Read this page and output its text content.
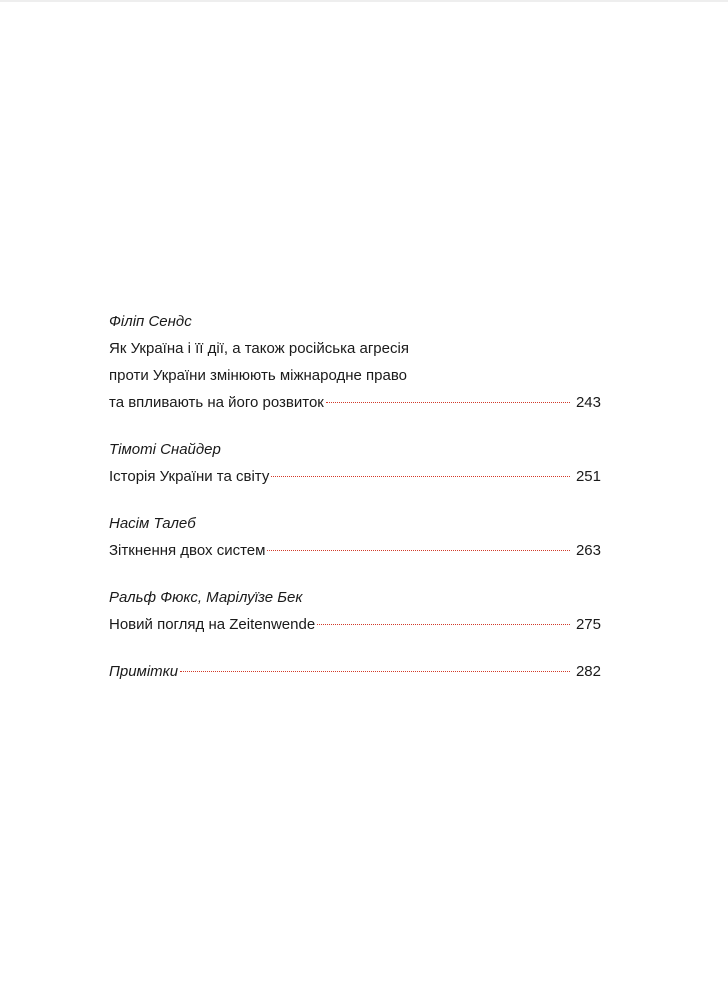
Філіп Сендс
Як Україна і її дії, а також російська агресія
проти України змінюють міжнародне право
та впливають на його розвиток	243
Тімоті Снайдер
Історія України та світу	251
Насім Талеб
Зіткнення двох систем	263
Ральф Фюкс, Марілуїзе Бек
Новий погляд на Zeitenwende	275
Примітки	282
